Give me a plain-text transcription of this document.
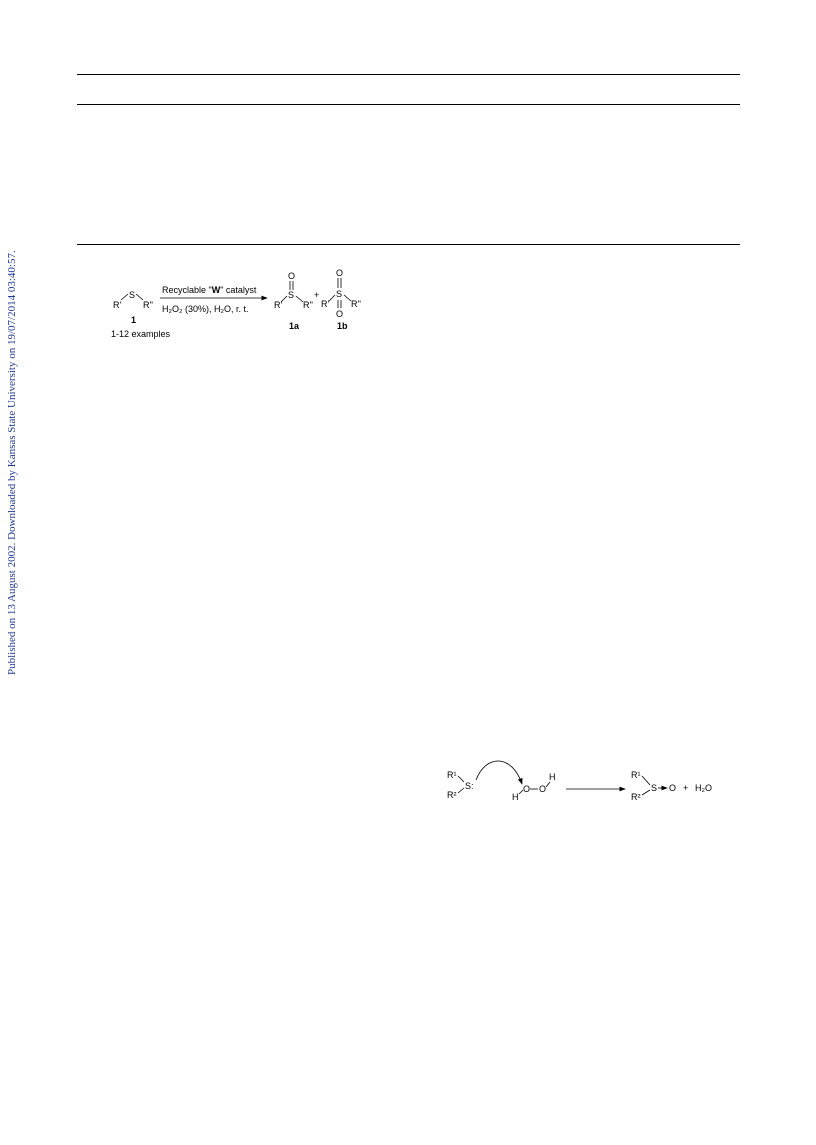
Published on 13 August 2002. Downloaded by Kansas State University on 19/07/2014 03:40:57.	S
R' R''
1
1-12 examples
Recyclable "W" catalyst
H₂O₂ (30%), H₂O, r. t.
O
S
R' R''
1a
+
O
S
O
R' R''
1b
R¹
R²
S:	O
H
O
H	R¹
R²
S O + H₂O
